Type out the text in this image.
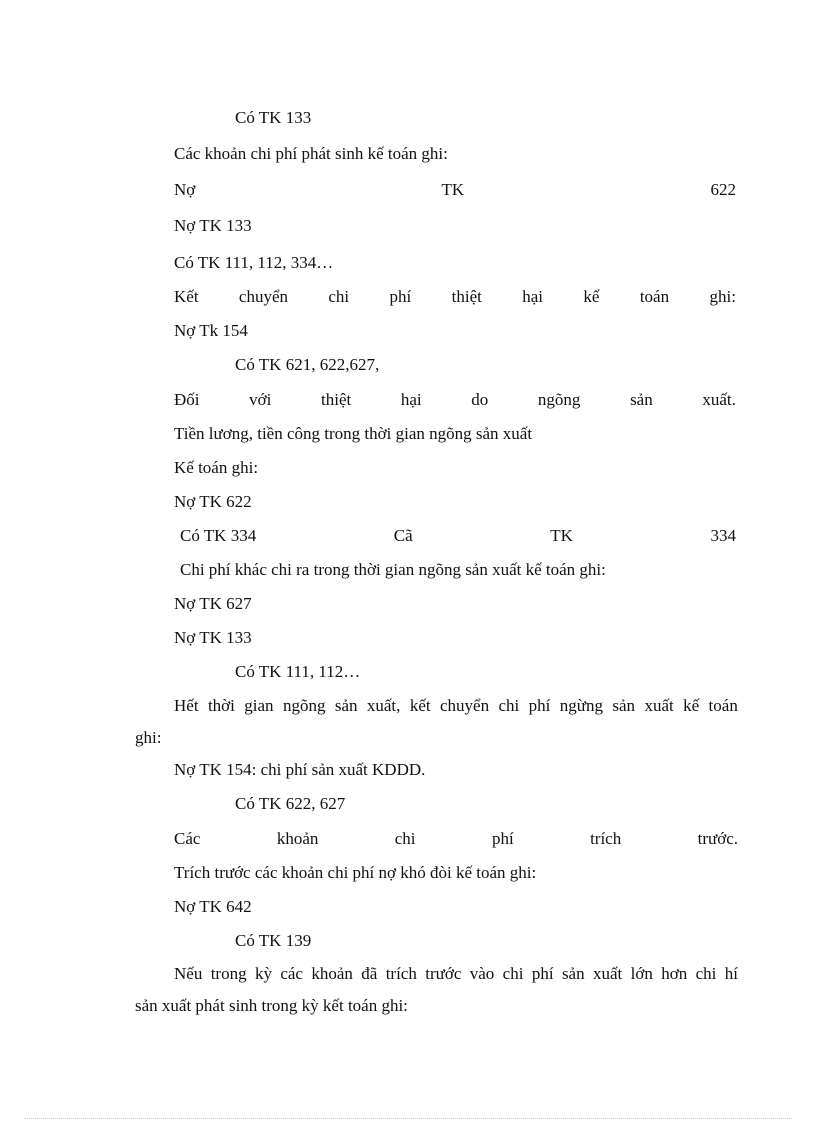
Có TK 133
Các khoản chi phí phát sinh kế toán ghi:
Nợ	TK	622
Nợ TK 133
Có TK 111, 112, 334…
Kết chuyển chi phí thiệt hại kế toán ghi:
Nợ Tk 154
Có TK 621, 622,627,
Đối	với	thiệt	hại	do	ngõng	sản	xuất.
Tiền lương, tiền công trong thời gian ngõng sản xuất
Kế toán ghi:
Nợ TK 622
Có TK 334	Cã	TK	334
Chi phí khác chi ra trong thời gian ngõng sản xuất kế toán ghi:
Nợ TK 627
Nợ TK 133
Có TK 111, 112…
Hết thời gian ngõng sản xuất, kết chuyển chi phí ngừng sản xuất kế toán
ghi:
Nợ TK 154: chi phí sản xuất KDDD.
Có TK 622, 627
Các	khoản	chi	phí	trích	trước.
Trích trước các khoản chi phí nợ khó đòi kế toán ghi:
Nợ TK 642
Có TK 139
Nếu trong kỳ các khoản đã trích trước vào chi phí sản xuất lớn hơn chi hí
sản xuất phát sinh trong kỳ kết toán ghi:
